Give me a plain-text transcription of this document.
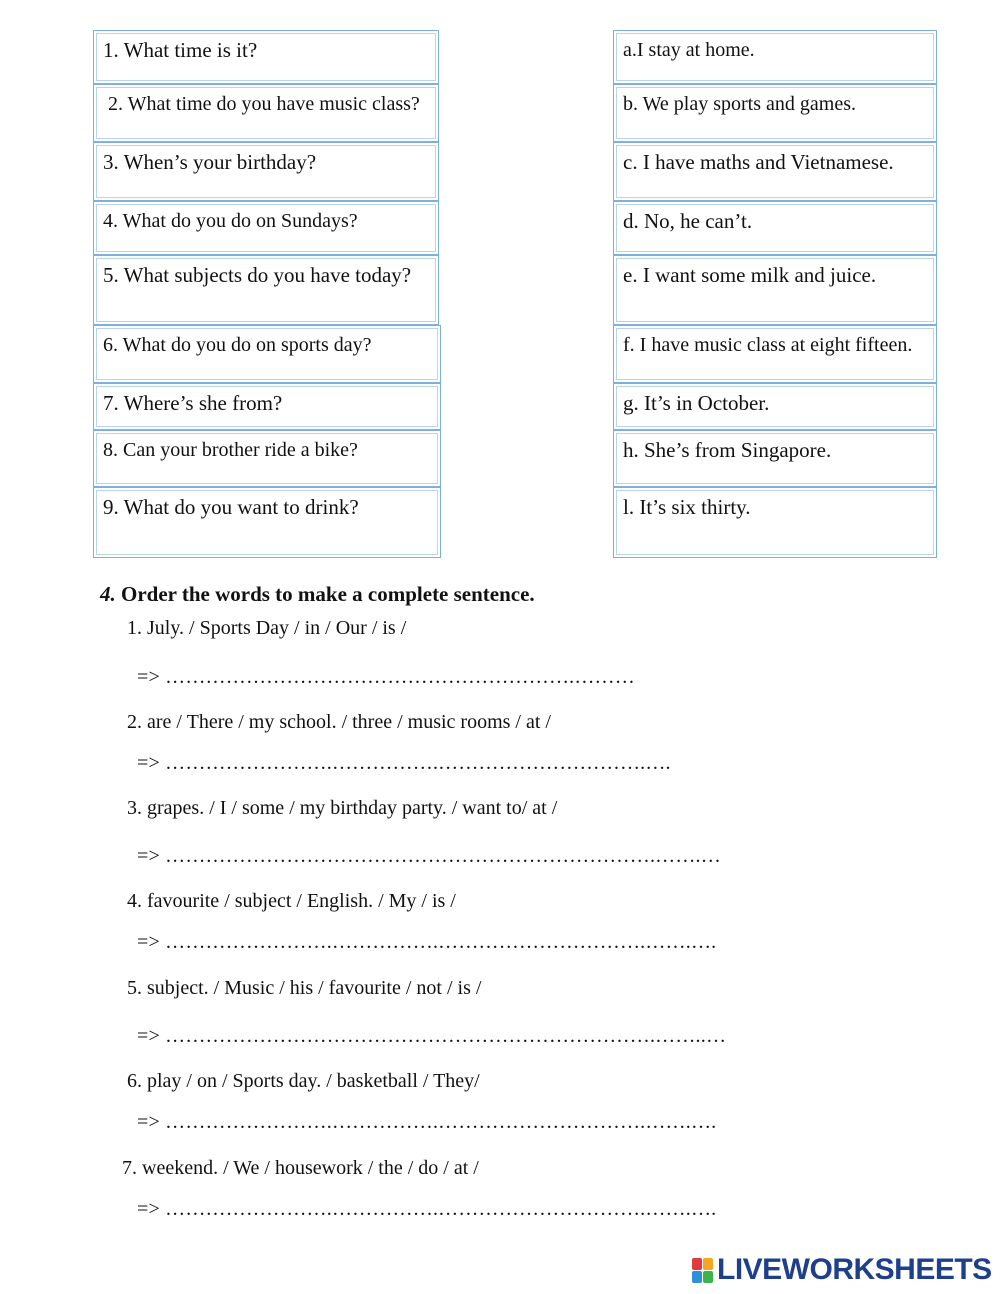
1. What time is it?
2. What time do you have music class?
3. When’s your birthday?
4. What do you do on Sundays?
5. What subjects do you have today?
6. What do you do on sports day?
7. Where’s she from?
8. Can your brother ride a bike?
9. What do you want to drink?
a.I stay at home.
b. We play sports and games.
c. I have maths and Vietnamese.
d. No, he can’t.
e. I want some milk and juice.
f. I have music class at eight fifteen.
g. It’s in October.
h. She’s from Singapore.
l. It’s six thirty.
4. Order the words to make a complete sentence.
1. July. / Sports Day / in / Our / is /
=> …………………………………………………….………
2. are / There / my school. / three / music rooms / at /
=> …………………….…………….………………………….….
3. grapes. / I / some / my birthday party. / want to/ at /
=> ……………………………………………………………….…….…
4. favourite / subject / English. / My / is /
=> …………………….…………….………………………….…….….
5. subject. / Music / his / favourite / not / is /
=> ……………………………………………………………….……..…
6. play / on / Sports day. / basketball / They/
=> …………………….…………….………………………….…….….
7. weekend. / We / housework / the / do / at /
=> …………………….…………….………………………….…….….
LIVEWORKSHEETS
